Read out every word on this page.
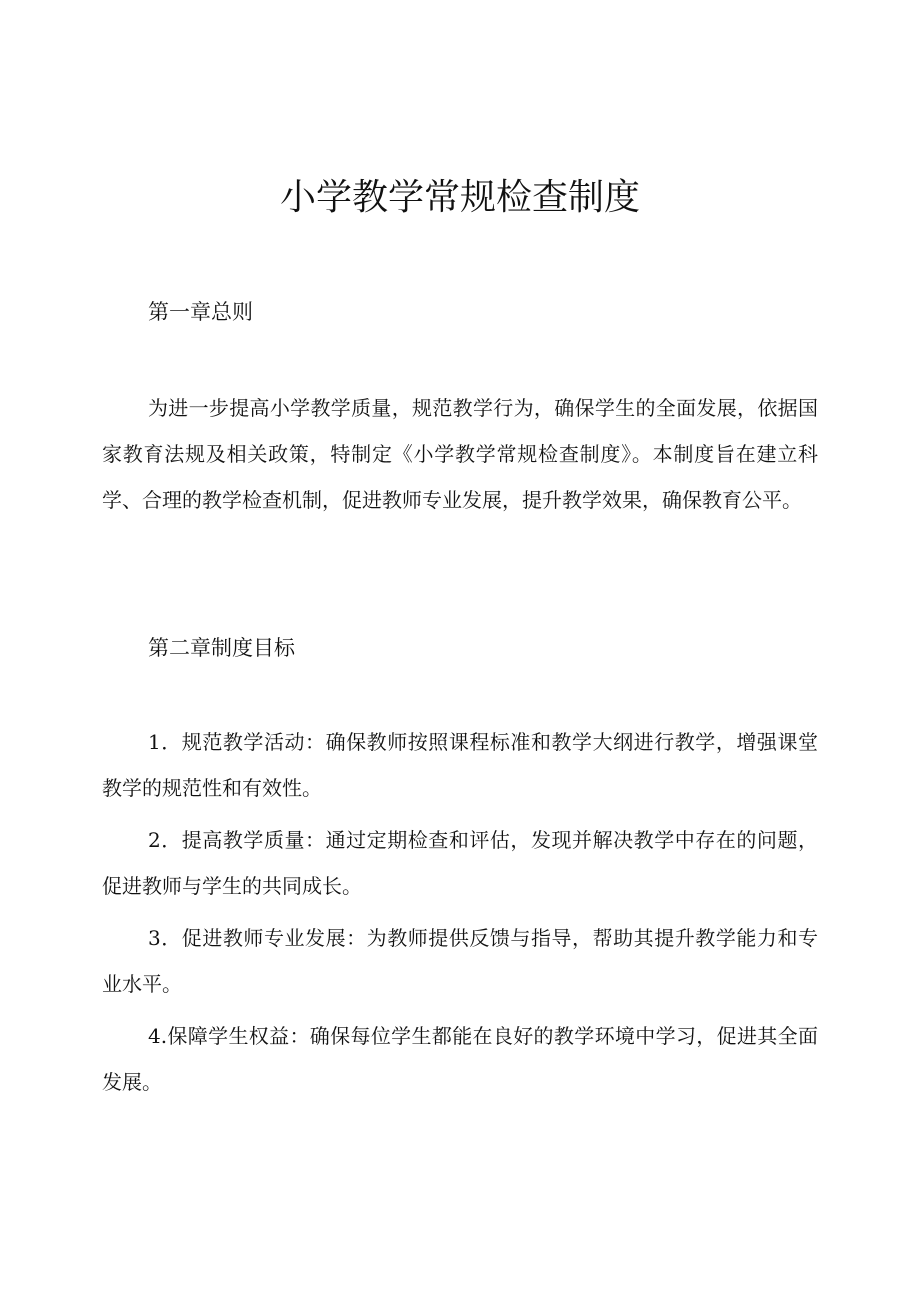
小学教学常规检查制度
第一章总则

为进一步提高小学教学质量，规范教学行为，确保学生的全面发展，依据国家教育法规及相关政策，特制定《小学教学常规检查制度》。本制度旨在建立科学、合理的教学检查机制，促进教师专业发展，提升教学效果，确保教育公平。

第二章制度目标

1．规范教学活动：确保教师按照课程标准和教学大纲进行教学，增强课堂教学的规范性和有效性。

2．提高教学质量：通过定期检查和评估，发现并解决教学中存在的问题，促进教师与学生的共同成长。

3．促进教师专业发展：为教师提供反馈与指导，帮助其提升教学能力和专业水平。

4.保障学生权益：确保每位学生都能在良好的教学环境中学习，促进其全面发展。
